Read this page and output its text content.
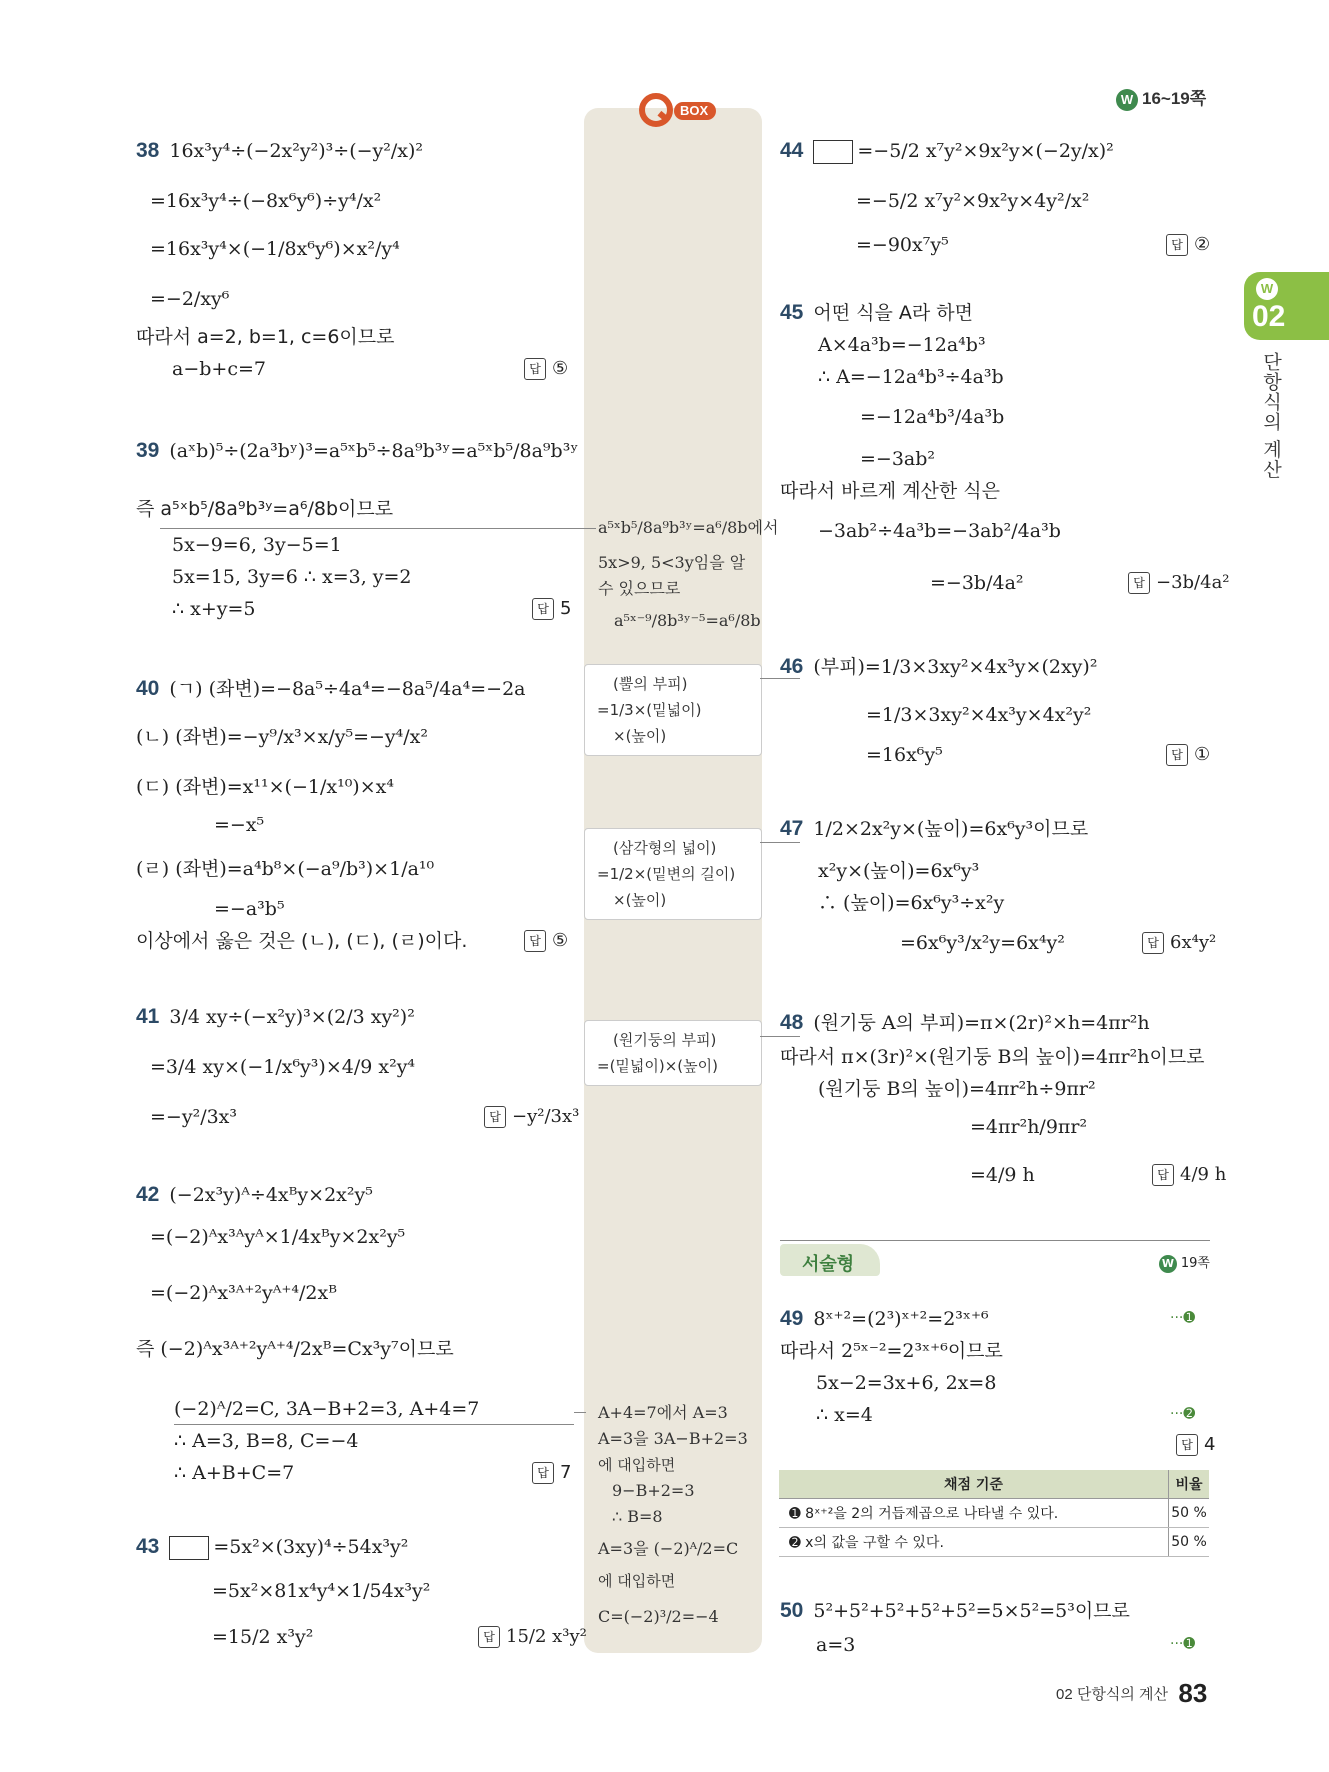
W 16~19쪽
W
02
단항식의 계산
BOX
38 16x³y⁴÷(−2x²y²)³÷(−y²/x)²
=16x³y⁴÷(−8x⁶y⁶)÷y⁴/x²
=16x³y⁴×(−1/8x⁶y⁶)×x²/y⁴
=−2/xy⁶
따라서 a=2, b=1, c=6이므로
a−b+c=7	답 ⑤
39 (aˣb)⁵÷(2a³bʸ)³=a⁵ˣb⁵÷8a⁹b³ʸ=a⁵ˣb⁵/8a⁹b³ʸ
즉 a⁵ˣb⁵/8a⁹b³ʸ=a⁶/8b이므로
5x−9=6, 3y−5=1
5x=15, 3y=6 ∴ x=3, y=2
∴ x+y=5	답 5
a⁵ˣb⁵/8a⁹b³ʸ=a⁶/8b에서
5x>9, 5<3y임을 알
수 있으므로
a⁵ˣ⁻⁹/8b³ʸ⁻⁵=a⁶/8b
(뿔의 부피)
=1/3×(밑넓이)
×(높이)
(삼각형의 넓이)
=1/2×(밑변의 길이)
×(높이)
(원기둥의 부피)
=(밑넓이)×(높이)
A+4=7에서 A=3
A=3을 3A−B+2=3
에 대입하면
9−B+2=3
∴ B=8
A=3을 (−2)ᴬ/2=C
에 대입하면
C=(−2)³/2=−4
40 (ㄱ) (좌변)=−8a⁵÷4a⁴=−8a⁵/4a⁴=−2a
(ㄴ) (좌변)=−y⁹/x³×x/y⁵=−y⁴/x²
(ㄷ) (좌변)=x¹¹×(−1/x¹⁰)×x⁴
=−x⁵
(ㄹ) (좌변)=a⁴b⁸×(−a⁹/b³)×1/a¹⁰
=−a³b⁵
이상에서 옳은 것은 (ㄴ), (ㄷ), (ㄹ)이다.	답 ⑤
41 3/4 xy÷(−x²y)³×(2/3 xy²)²
=3/4 xy×(−1/x⁶y³)×4/9 x²y⁴
=−y²/3x³	답 −y²/3x³
42 (−2x³y)ᴬ÷4xᴮy×2x²y⁵
=(−2)ᴬx³ᴬyᴬ×1/4xᴮy×2x²y⁵
=(−2)ᴬx³ᴬ⁺²yᴬ⁺⁴/2xᴮ
즉 (−2)ᴬx³ᴬ⁺²yᴬ⁺⁴/2xᴮ=Cx³y⁷이므로
(−2)ᴬ/2=C, 3A−B+2=3, A+4=7
∴ A=3, B=8, C=−4
∴ A+B+C=7	답 7
43	=5x²×(3xy)⁴÷54x³y²
=5x²×81x⁴y⁴×1/54x³y²
=15/2 x³y²	답 15/2 x³y²
44	=−5/2 x⁷y²×9x²y×(−2y/x)²
=−5/2 x⁷y²×9x²y×4y²/x²
=−90x⁷y⁵	답 ②
45 어떤 식을 A라 하면
A×4a³b=−12a⁴b³
∴ A=−12a⁴b³÷4a³b
=−12a⁴b³/4a³b
=−3ab²
따라서 바르게 계산한 식은
−3ab²÷4a³b=−3ab²/4a³b
=−3b/4a²	답 −3b/4a²
46 (부피)=1/3×3xy²×4x³y×(2xy)²
=1/3×3xy²×4x³y×4x²y²
=16x⁶y⁵	답 ①
47 1/2×2x²y×(높이)=6x⁶y³이므로
x²y×(높이)=6x⁶y³
∴ (높이)=6x⁶y³÷x²y
=6x⁶y³/x²y=6x⁴y²	답 6x⁴y²
48 (원기둥 A의 부피)=π×(2r)²×h=4πr²h
따라서 π×(3r)²×(원기둥 B의 높이)=4πr²h이므로
(원기둥 B의 높이)=4πr²h÷9πr²
=4πr²h/9πr²
=4/9 h	답 4/9 h
서술형	W 19쪽
49 8ˣ⁺²=(2³)ˣ⁺²=2³ˣ⁺⁶	···➊
따라서 2⁵ˣ⁻²=2³ˣ⁺⁶이므로
5x−2=3x+6, 2x=8
∴ x=4	···➋
답 4
채점 기준	비율
➊ 8ˣ⁺²을 2의 거듭제곱으로 나타낼 수 있다.	50 %
➋ x의 값을 구할 수 있다.	50 %
50 5²+5²+5²+5²+5²=5×5²=5³이므로
a=3	···➊
02 단항식의 계산 83
